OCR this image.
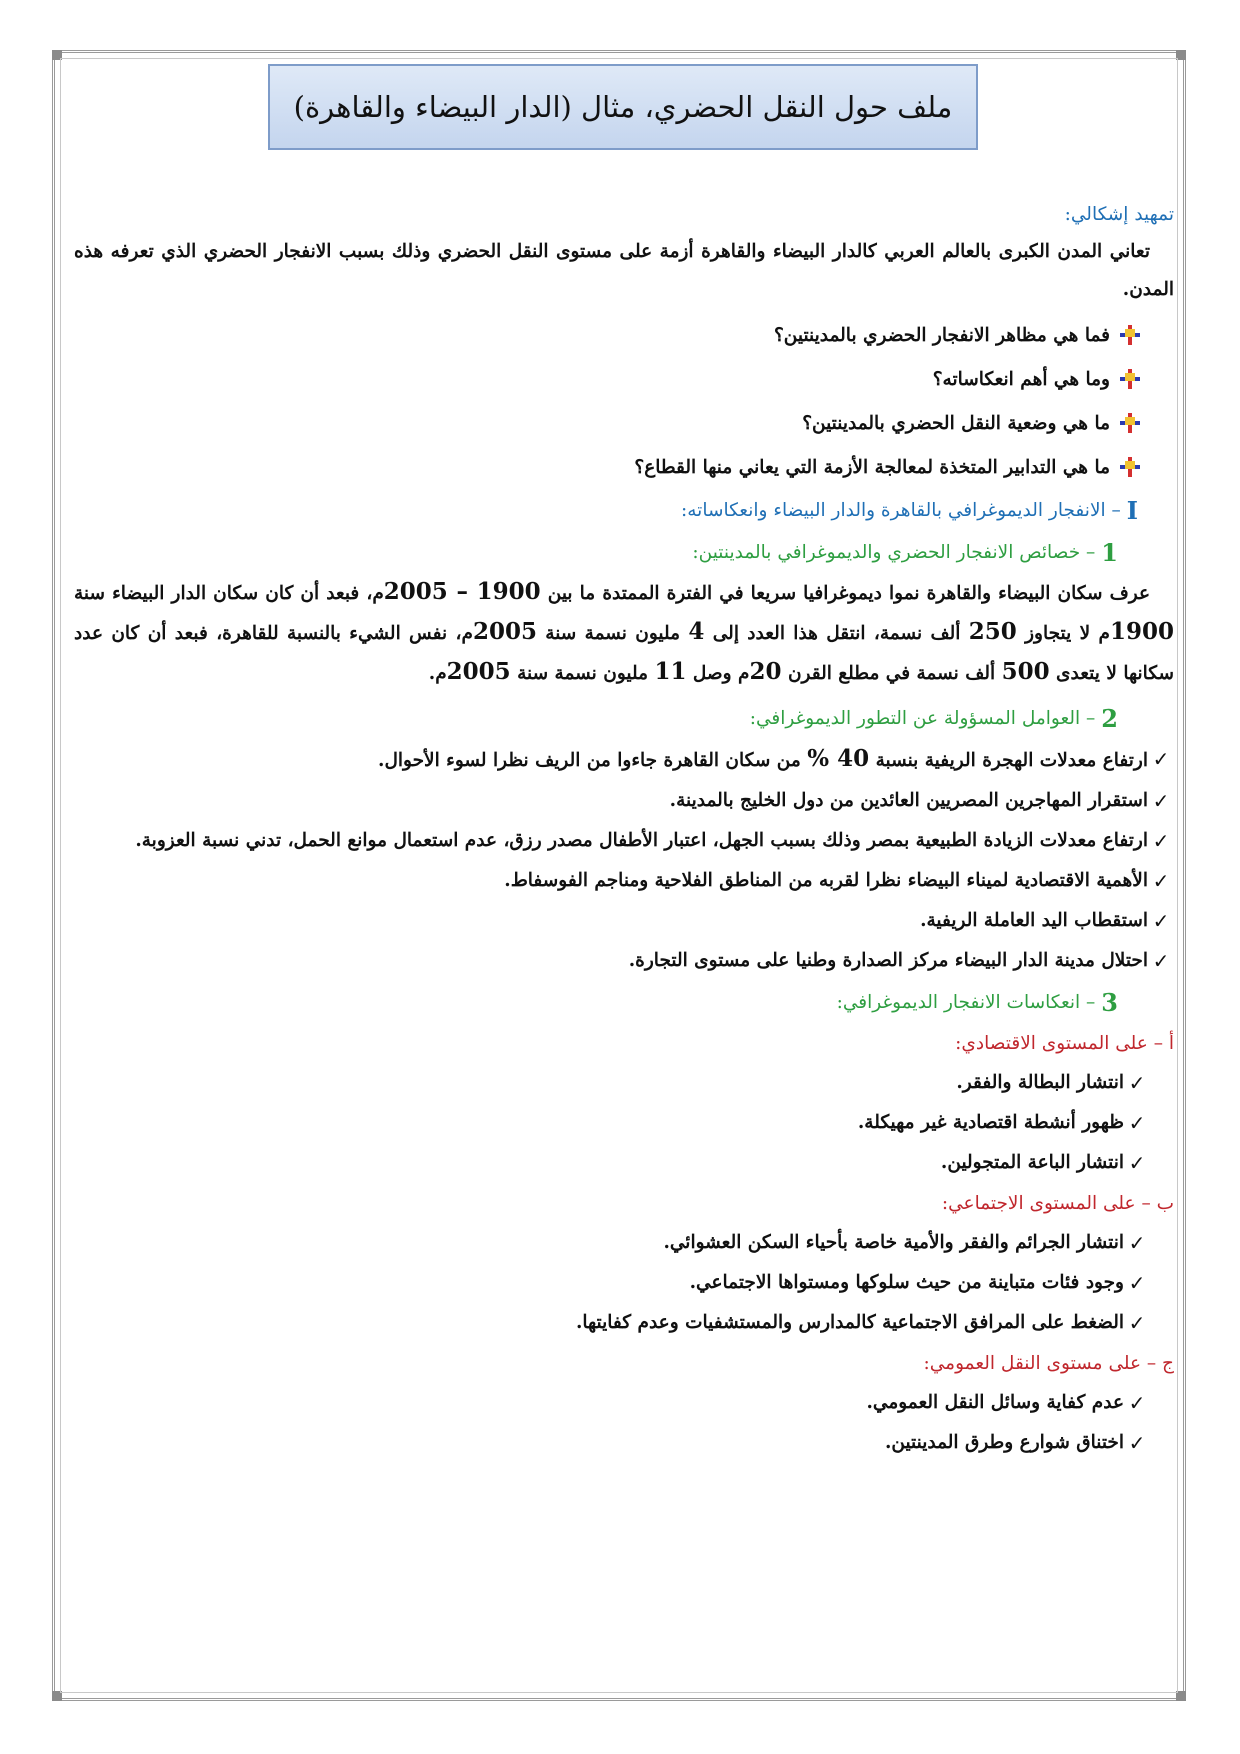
ملف حول النقل الحضري، مثال (الدار البيضاء والقاهرة)
تمهيد إشكالي:

تعاني المدن الكبرى بالعالم العربي كالدار البيضاء والقاهرة أزمة على مستوى النقل الحضري وذلك بسبب الانفجار الحضري الذي تعرفه هذه المدن.

فما هي مظاهر الانفجار الحضري بالمدينتين؟
وما هي أهم انعكاساته؟
ما هي وضعية النقل الحضري بالمدينتين؟
ما هي التدابير المتخذة لمعالجة الأزمة التي يعاني منها القطاع؟
I
– الانفجار الديموغرافي بالقاهرة والدار البيضاء وانعكاساته:
1
– خصائص الانفجار الحضري والديموغرافي بالمدينتين:

عرف سكان البيضاء والقاهرة نموا ديموغرافيا سريعا في الفترة الممتدة ما بين 1900 – 2005م، فبعد أن كان سكان الدار البيضاء سنة 1900م لا يتجاوز 250 ألف نسمة، انتقل هذا العدد إلى 4 مليون نسمة سنة 2005م، نفس الشيء بالنسبة للقاهرة، فبعد أن كان عدد سكانها لا يتعدى 500 ألف نسمة في مطلع القرن 20م وصل 11 مليون نسمة سنة 2005م.

2
– العوامل المسؤولة عن التطور الديموغرافي:
✓
ارتفاع معدلات الهجرة الريفية بنسبة 40 % من سكان القاهرة جاءوا من الريف نظرا لسوء الأحوال.
✓
استقرار المهاجرين المصريين العائدين من دول الخليج بالمدينة.
✓
ارتفاع معدلات الزيادة الطبيعية بمصر وذلك بسبب الجهل، اعتبار الأطفال مصدر رزق، عدم استعمال موانع الحمل، تدني نسبة العزوبة.
✓
الأهمية الاقتصادية لميناء البيضاء نظرا لقربه من المناطق الفلاحية ومناجم الفوسفاط.
✓
استقطاب اليد العاملة الريفية.
✓
احتلال مدينة الدار البيضاء مركز الصدارة وطنيا على مستوى التجارة.
3
– انعكاسات الانفجار الديموغرافي:
أ – على المستوى الاقتصادي:
✓
انتشار البطالة والفقر.
✓
ظهور أنشطة اقتصادية غير مهيكلة.
✓
انتشار الباعة المتجولين.
ب – على المستوى الاجتماعي:
✓
انتشار الجرائم والفقر والأمية خاصة بأحياء السكن العشوائي.
✓
وجود فئات متباينة من حيث سلوكها ومستواها الاجتماعي.
✓
الضغط على المرافق الاجتماعية كالمدارس والمستشفيات وعدم كفايتها.
ج – على مستوى النقل العمومي:
✓
عدم كفاية وسائل النقل العمومي.
✓
اختناق شوارع وطرق المدينتين.
